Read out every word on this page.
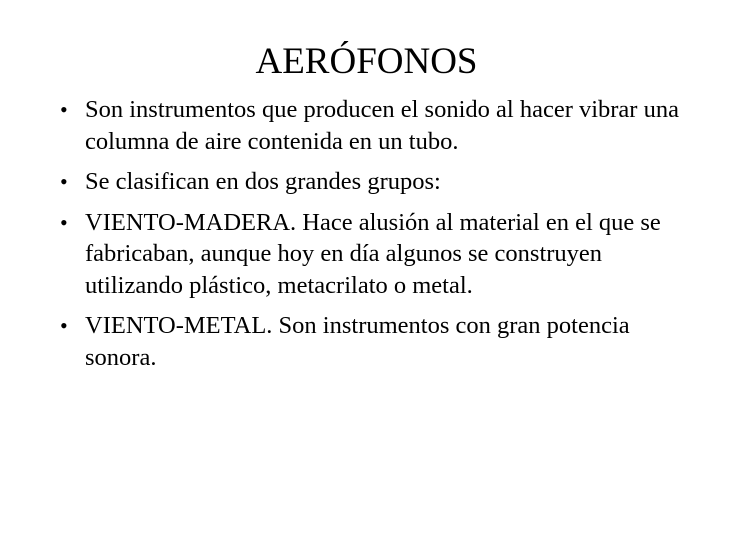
AERÓFONOS
• Son instrumentos que producen el sonido al hacer vibrar una columna de aire contenida en un tubo.
• Se clasifican en dos grandes grupos:
• VIENTO-MADERA. Hace alusión al material en el que se fabricaban, aunque hoy en día algunos se construyen utilizando plástico, metacrilato o metal.
• VIENTO-METAL. Son instrumentos con gran potencia sonora.
